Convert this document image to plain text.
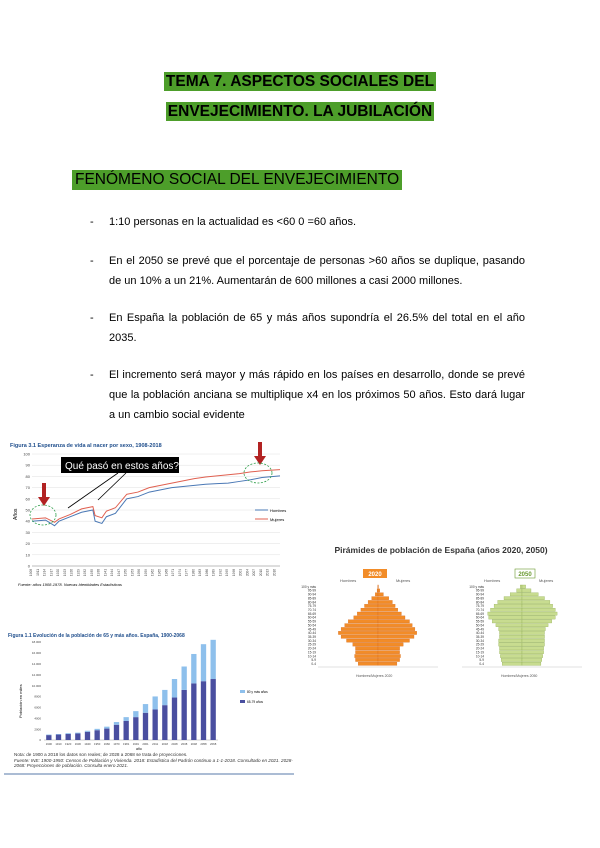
TEMA 7. ASPECTOS SOCIALES DEL
ENVEJECIMIENTO. LA JUBILACIÓN
FENÓMENO SOCIAL DEL ENVEJECIMIENTO
- 1:10 personas en la actualidad es <60 0 =60 años.
- En el 2050 se prevé que el porcentaje de personas >60 años se duplique, pasando de un 10% a un 21%. Aumentarán de 600 millones a casi 2000 millones.
- En España la población de 65 y más años supondría el 26.5% del total en el año 2035.
- El incremento será mayor y más rápido en los países en desarrollo, donde se prevé que la población anciana se multiplique x4 en los próximos 50 años. Esto dará lugar a un cambio social evidente
Figura 3.1 Esperanza de vida al nacer por sexo, 1908-2018
0
10
20
30
40
50
60
70
80
90
100
1908 1911 1914 1917 1920 1923 1926 1929 1932 1935 1938 1941 1944 1947 1950 1953 1956 1959 1962 1965 1968 1971 1974 1977 1980 1983 1986 1989 1992 1995 1998 2001 2004 2007 2010 2013 2016
Años	Hombres
Mujeres
Qué pasó en estos años?
Fuente: años 1908-1978. Nuevas Identidades Estadísticas
Pirámides de población de España (años 2020, 2050)
100 y más
95-99
90-94
85-89
80-84
75-79
70-74
65-69
60-64
55-59
50-54
45-49
40-44
35-39
30-34
25-29
20-24
15-19
10-14
5-9
0-4
100 y más
95-99
90-94
85-89
80-84
75-79
70-74
65-69
60-64
55-59
50-54
45-49
40-44
35-39
30-34
25-29
20-24
15-19
10-14
5-9
0-4
2020	2050
Hombres	Mujeres	Hombres	Mujeres
Hombres/Mujeres 2020	Hombres/Mujeres 2050
Figura 1.1 Evolución de la población de 65 y más años. España, 1900-2068
0
2000
4000
6000
8000
10.000
12.000
14.000
16.000
18.000
1900 1910 1920 1930 1940 1950 1960 1970 1981 1991 2001 2011 2018 2028 2038 2048 2058 2068
Población en miles
año
80 y más años
65-79 años
Nota: de 1900 a 2018 los datos son reales; de 2028 a 2068 se trata de proyecciones.
Fuente: INE: 1900-1950: Censos de Población y Vivienda. 2018: Estadística del Padrón continuo a 1-1-2018. Consultado en 2021. 2028-2068: Proyecciones de población. Consulta enero 2021.
